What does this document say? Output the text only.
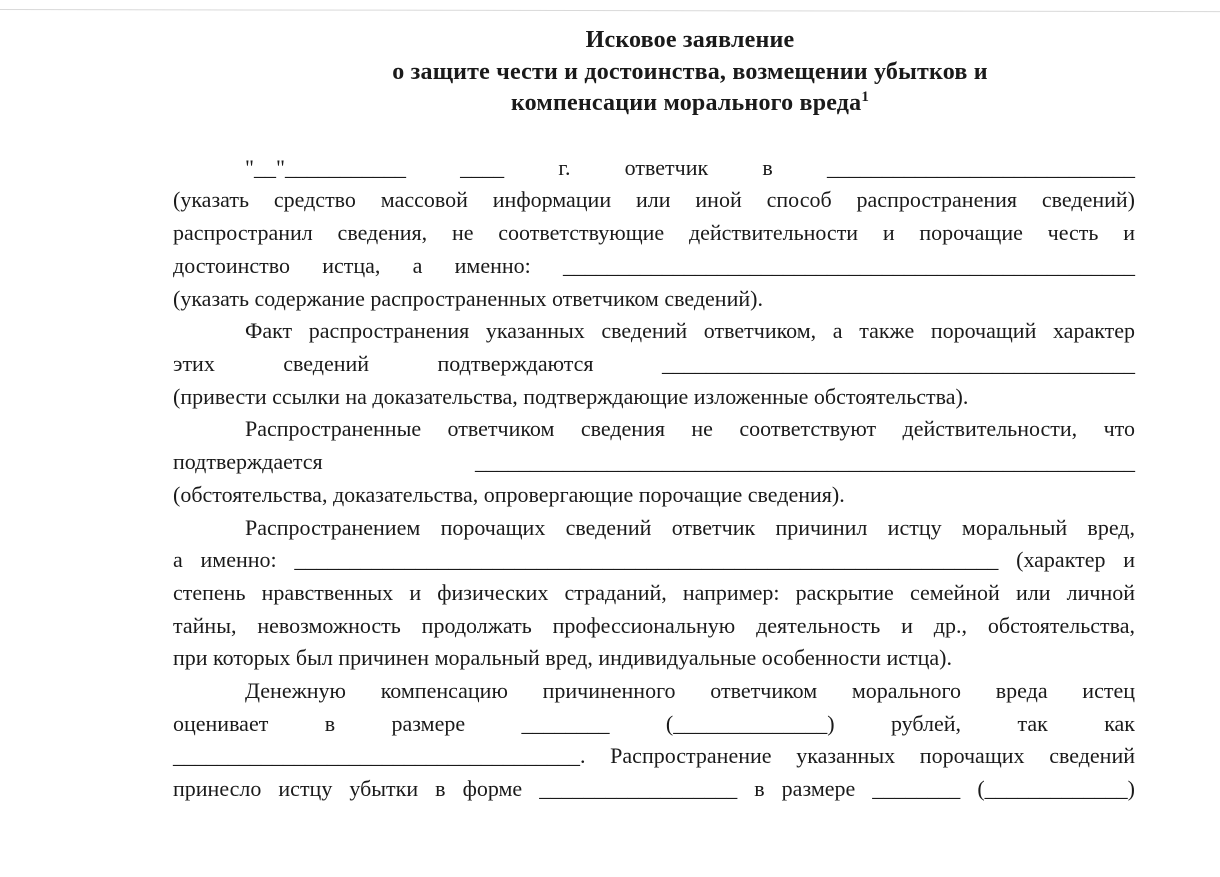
Исковое заявление
о защите чести и достоинства, возмещении убытков и
компенсации морального вреда$^1$
"__"___________ ____ г. ответчик в ____________________________
(указать средство массовой информации или иной способ распространения сведений)
распространил сведения, не соответствующие действительности и порочащие честь и
достоинство истца, а именно: ____________________________________________________
(указать содержание распространенных ответчиком сведений).
Факт распространения указанных сведений ответчиком, а также порочащий характер
этих сведений подтверждаются ___________________________________________
(привести ссылки на доказательства, подтверждающие изложенные обстоятельства).
Распространенные ответчиком сведения не соответствуют действительности, что
подтверждается ____________________________________________________________
(обстоятельства, доказательства, опровергающие порочащие сведения).
Распространением порочащих сведений ответчик причинил истцу моральный вред,
а именно: ________________________________________________________________ (характер и
степень нравственных и физических страданий, например: раскрытие семейной или личной
тайны, невозможность продолжать профессиональную деятельность и др., обстоятельства,
при которых был причинен моральный вред, индивидуальные особенности истца).
Денежную компенсацию причиненного ответчиком морального вреда истец
оценивает в размере ________ (______________) рублей, так как
_____________________________________. Распространение указанных порочащих сведений
принесло истцу убытки в форме __________________ в размере ________ (_____________)
